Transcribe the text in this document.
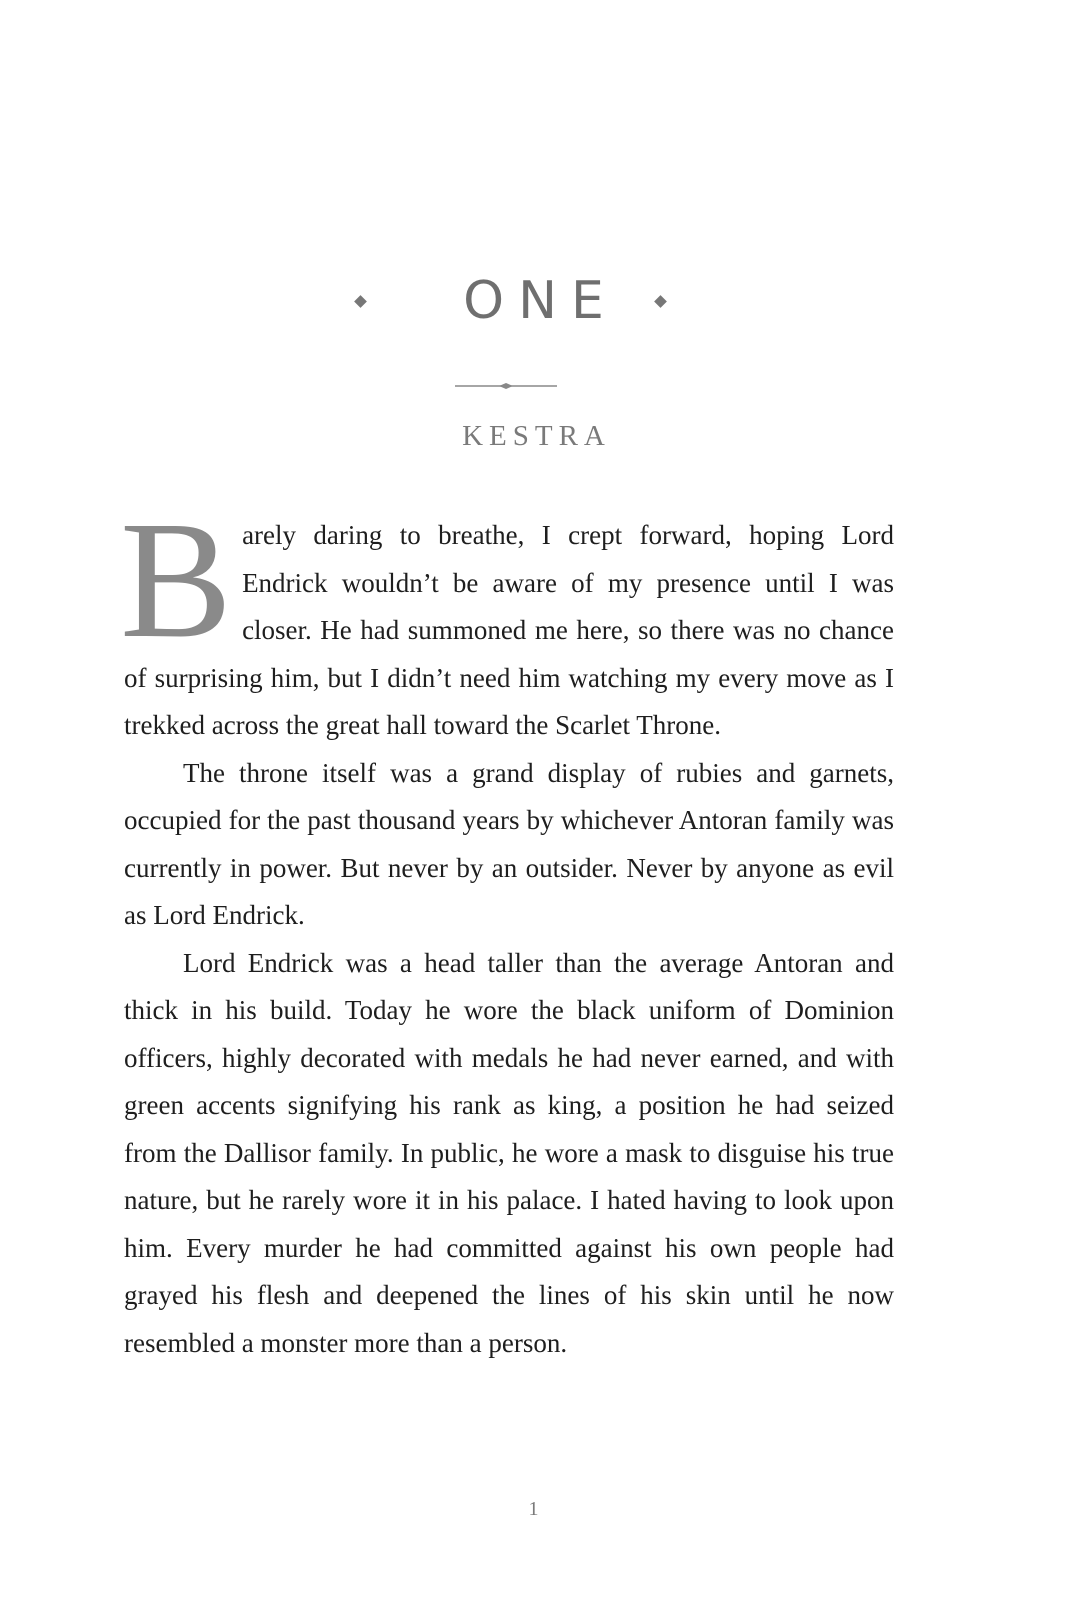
ONE
KESTRA

Barely daring to breathe, I crept forward, hoping Lord Endrick wouldn’t be aware of my presence until I was closer. He had summoned me here, so there was no chance of surprising him, but I didn’t need him watching my every move as I trekked across the great hall toward the Scarlet Throne.

The throne itself was a grand display of rubies and garnets, occupied for the past thousand years by whichever Antoran family was currently in power. But never by an outsider. Never by anyone as evil as Lord Endrick.

Lord Endrick was a head taller than the average Antoran and thick in his build. Today he wore the black uniform of Dominion officers, highly decorated with medals he had never earned, and with green accents signifying his rank as king, a position he had seized from the Dallisor family. In public, he wore a mask to disguise his true nature, but he rarely wore it in his palace. I hated having to look upon him. Every murder he had committed against his own people had grayed his flesh and deepened the lines of his skin until he now resembled a monster more than a person.

1
